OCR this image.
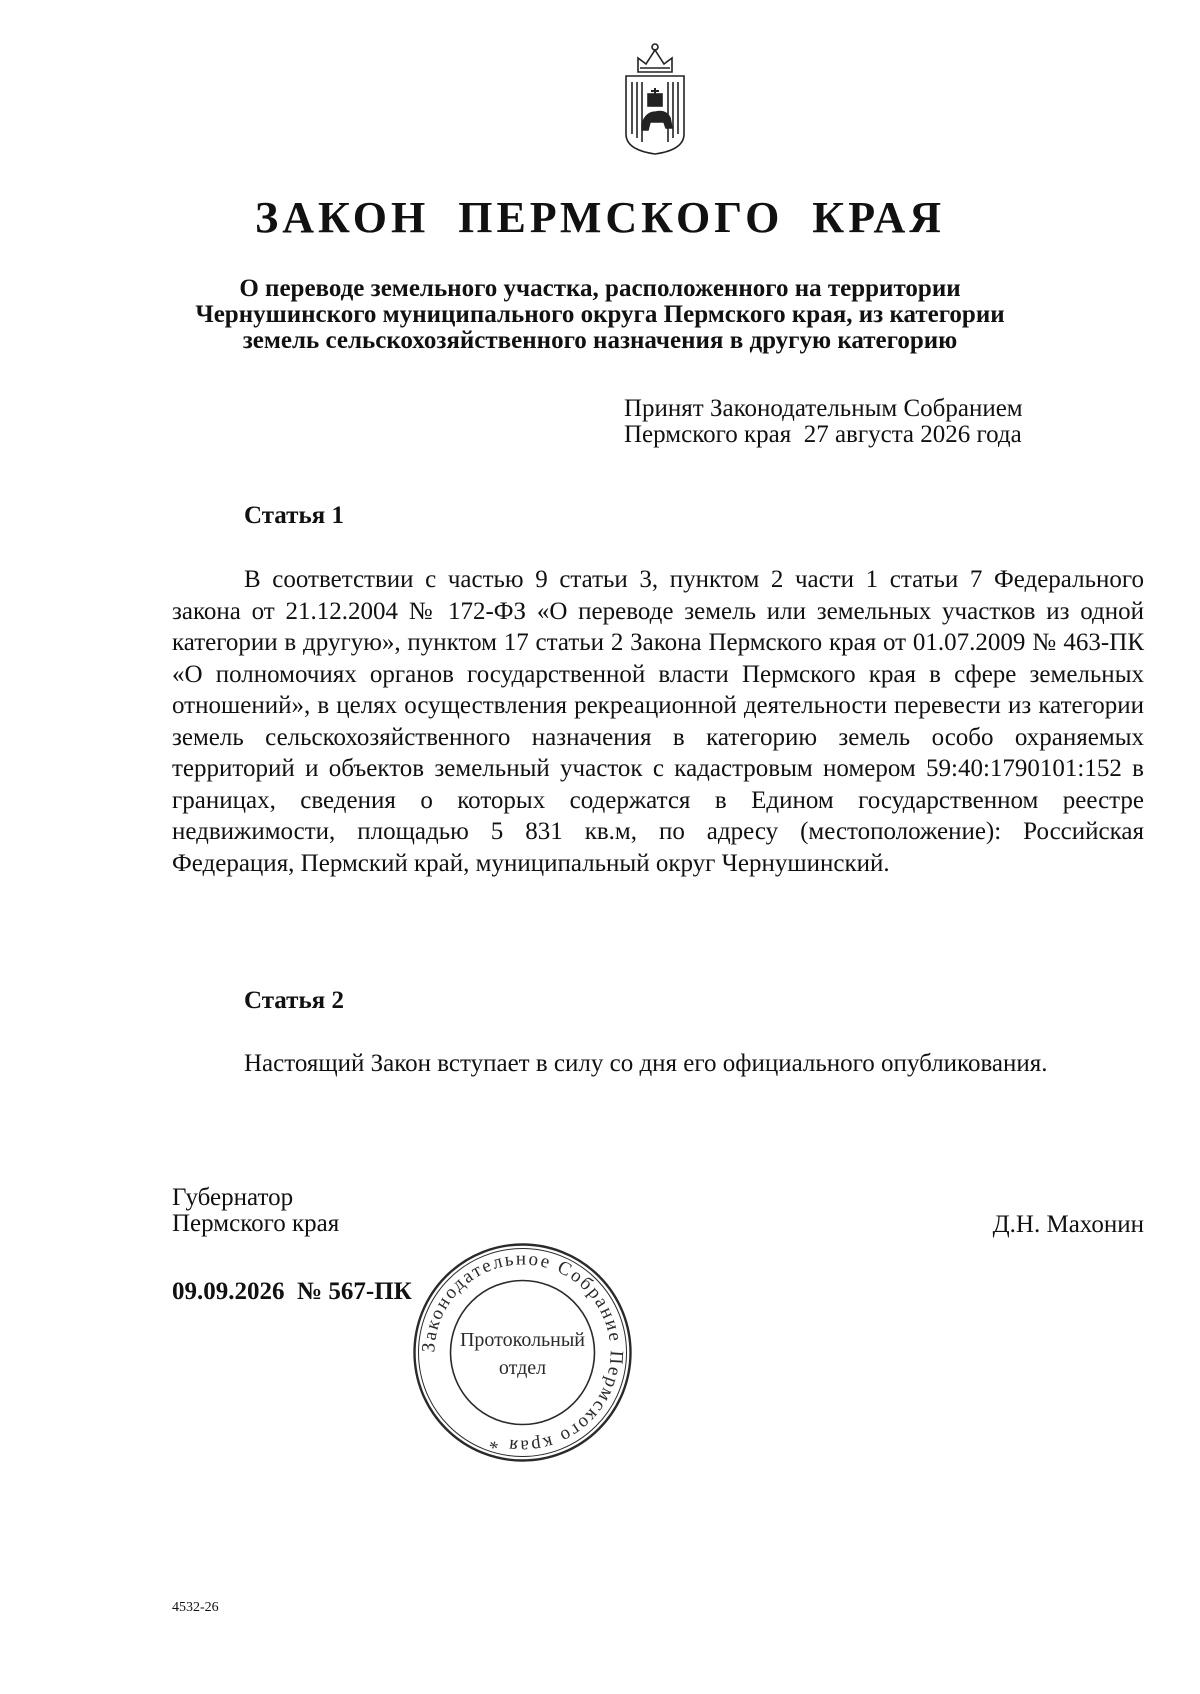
ЗАКОН ПЕРМСКОГО КРАЯ
О переводе земельного участка, расположенного на территории
Чернушинского муниципального округа Пермского края, из категории
земель сельскохозяйственного назначения в другую категорию
Принят Законодательным Собранием
Пермского края  27 августа 2026 года
Статья 1

В соответствии с частью 9 статьи 3, пунктом 2 части 1 статьи 7 Федерального закона от 21.12.2004 № 172-ФЗ «О переводе земель или земельных участков из одной категории в другую», пунктом 17 статьи 2 Закона Пермского края от 01.07.2009 № 463-ПК «О полномочиях органов государственной власти Пермского края в сфере земельных отношений», в целях осуществления рекреационной деятельности перевести из категории земель сельскохозяйственного назначения в категорию земель особо охраняемых территорий и объектов земельный участок с кадастровым номером 59:40:1790101:152 в границах, сведения о которых содержатся в Едином государственном реестре недвижимости, площадью 5 831 кв.м, по адресу (местоположение): Российская Федерация, Пермский край, муниципальный округ Чернушинский.

Статья 2

Настоящий Закон вступает в силу со дня его официального опубликования.

Губернатор
Пермского края	Д.Н. Махонин
09.09.2026  № 567-ПК
Законодательное Собрание Пермского края *
Протокольный
отдел
4532-26
